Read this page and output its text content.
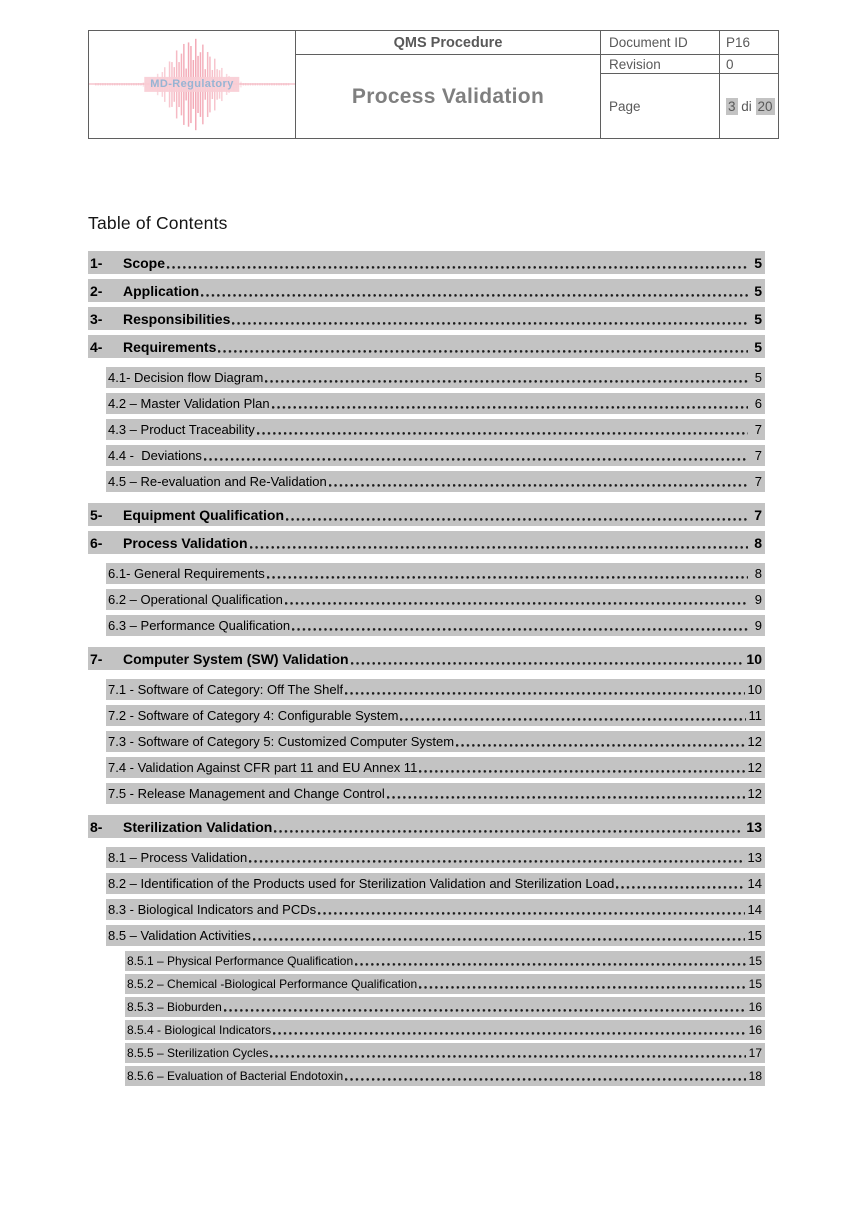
MD-Regulatory
QMS Procedure
Process Validation
Document ID	P16
Revision	0
Page	3 di 20
Table of Contents
1-	Scope	5
2-	Application	5
3-	Responsibilities	5
4-	Requirements	5
4.1- Decision flow Diagram	5
4.2 – Master Validation Plan	6
4.3 – Product Traceability	7
4.4 -  Deviations	7
4.5 – Re-evaluation and Re-Validation	7
5-	Equipment Qualification	7
6-	Process Validation	8
6.1- General Requirements	8
6.2 – Operational Qualification	9
6.3 – Performance Qualification	9
7-	Computer System (SW) Validation	10
7.1 - Software of Category: Off The Shelf	10
7.2 - Software of Category 4: Configurable System	11
7.3 - Software of Category 5: Customized Computer System	12
7.4 - Validation Against CFR part 11 and EU Annex 11	12
7.5 - Release Management and Change Control	12
8-	Sterilization Validation	13
8.1 – Process Validation	13
8.2 – Identification of the Products used for Sterilization Validation and Sterilization Load	14
8.3 - Biological Indicators and PCDs	14
8.5 – Validation Activities	15
8.5.1 – Physical Performance Qualification	15
8.5.2 – Chemical -Biological Performance Qualification	15
8.5.3 – Bioburden	16
8.5.4 - Biological Indicators	16
8.5.5 – Sterilization Cycles	17
8.5.6 – Evaluation of Bacterial Endotoxin	18
